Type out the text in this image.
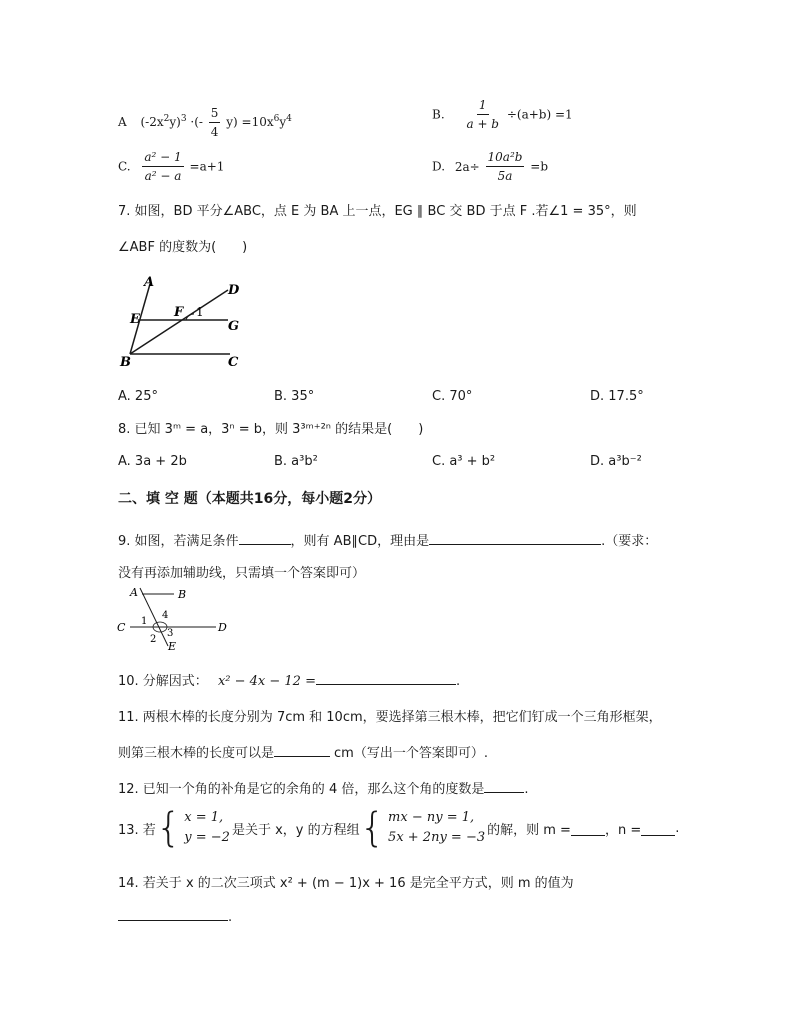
A $(-2x^2y)^3$ ·(- $\frac{5}{4} y) =10x^6y^4$	B. $\frac{1}{a + b} \div(a+b) =1$
C. $\frac{\text{a² − 1}}{\text{a² − a}} =a+1$	D. $2a\div \frac{\text{10a²b}}{5a} =b$
7. 如图，BD 平分∠ABC，点 E 为 BA 上一点，EG ∥ BC 交 BD 于点 F .若∠1 = 35°，则
∠ABF 的度数为(　　)
A
D
E	F 1
G
B	C
A. 25°	B. 35°	C. 70°	D. 17.5°
8. 已知 3ᵐ = a，3ⁿ = b，则 3³ᵐ⁺²ⁿ 的结果是(　　)
A. 3a + 2b	B. a³b²	C. a³ + b²	D. a³b⁻²
二、填 空 题（本题共16分，每小题2分）
9. 如图，若满足条件	，则有 AB∥CD，理由是	.（要求：
没有再添加辅助线，只需填一个答案即可）
A	B
C	D
E
1
2
3
4
10. 分解因式： x² − 4x − 12 =	.
11. 两根木棒的长度分别为 7cm 和 10cm，要选择第三根木棒，把它们钉成一个三角形框架，
则第三根木棒的长度可以是	cm（写出一个答案即可）.
12. 已知一个角的补角是它的余角的 4 倍，那么这个角的度数是	.
13. 若 { x = 1,
y = −2 是关于 x，y 的方程组 { mx − ny = 1,
5x + 2ny = −3 的解，则 m =	，n =	.
14. 若关于 x 的二次三项式 x² + (m − 1)x + 16 是完全平方式，则 m 的值为
.
